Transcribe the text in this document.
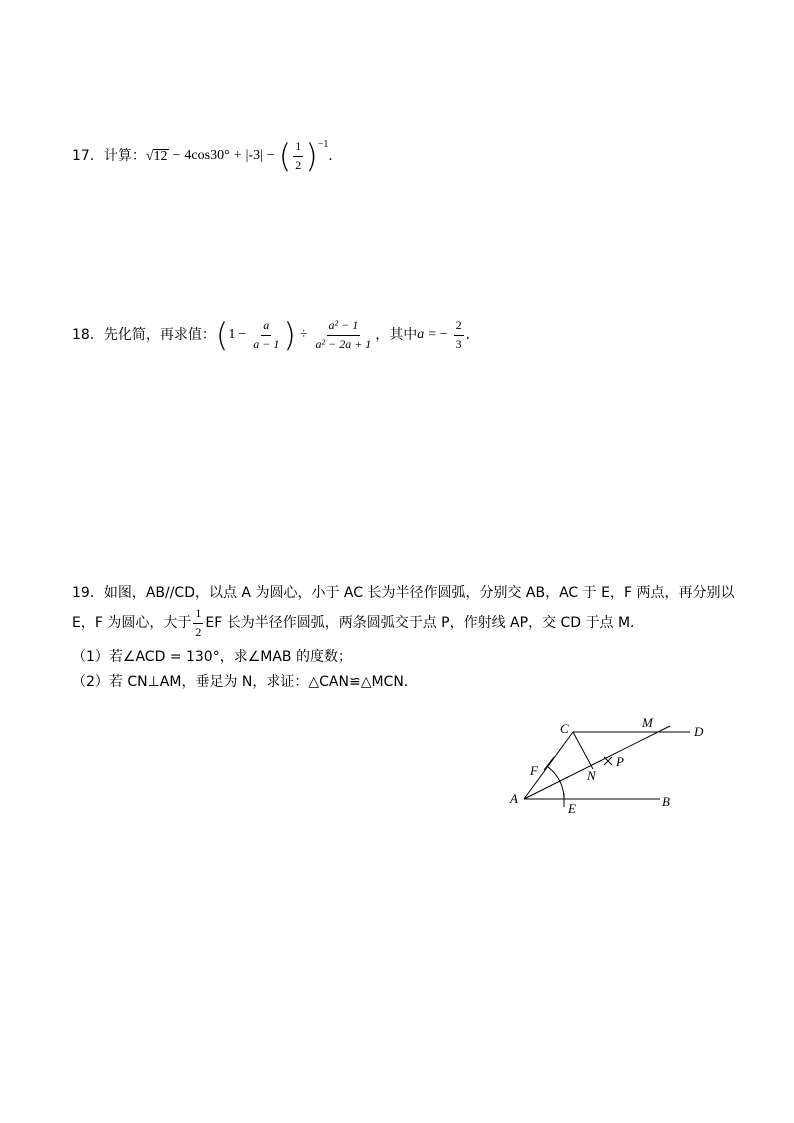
17． 计算： √12 − 4cos30° + |-3| − ( $\frac{1}{2}$ ) −1
．
18． 先化简，再求值： ( $1 - \frac{a}{a - 1}$ ) ÷ $\frac{\text{a² − 1}}{\text{a² − 2a + 1}}$ ，其中 a = − $\frac{2}{3}$ ．
19．如图，AB//CD，以点 A 为圆心，小于 AC 长为半径作圆弧，分别交 AB，AC 于 E，F 两点，再分别以
E，F 为圆心，大于 $\frac{1}{2}$ EF 长为半径作圆弧，两条圆弧交于点 P，作射线 AP，交 CD 于点 M．
（1）若∠ACD = 130°，求∠MAB 的度数；
（2）若 CN⊥AM，垂足为 N，求证：△CAN≌△MCN．
A	B
C	D
E
F
M
N
P
